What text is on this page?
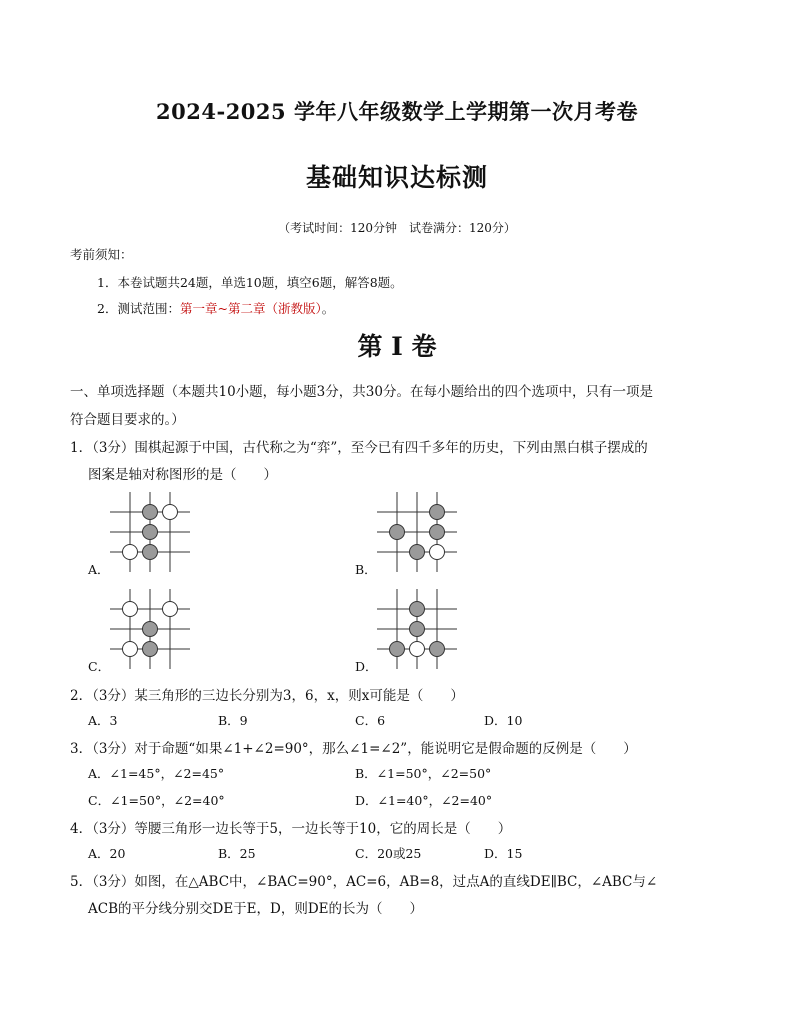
2024-2025 学年八年级数学上学期第一次月考卷
基础知识达标测
（考试时间：120分钟　试卷满分：120分）
考前须知：
1．本卷试题共24题，单选10题，填空6题，解答8题。
2．测试范围：第一章~第二章（浙教版）。
第 I 卷
一、单项选择题（本题共10小题，每小题3分，共30分。在每小题给出的四个选项中，只有一项是
符合题目要求的。）
1．（3分）围棋起源于中国，古代称之为“弈”，至今已有四千多年的历史，下列由黑白棋子摆成的
图案是轴对称图形的是（　　）
A．	B．
C．	D．
2．（3分）某三角形的三边长分别为3，6，x，则x可能是（　　）
A．3	B．9	C．6	D．10
3．（3分）对于命题“如果∠1+∠2=90°，那么∠1=∠2”，能说明它是假命题的反例是（　　）
A．∠1=45°，∠2=45°	B．∠1=50°，∠2=50°
C．∠1=50°，∠2=40°	D．∠1=40°，∠2=40°
4．（3分）等腰三角形一边长等于5，一边长等于10，它的周长是（　　）
A．20	B．25	C．20或25	D．15
5．（3分）如图，在△ABC中，∠BAC=90°，AC=6，AB=8，过点A的直线DE∥BC，∠ABC与∠
ACB的平分线分别交DE于E，D，则DE的长为（　　）
